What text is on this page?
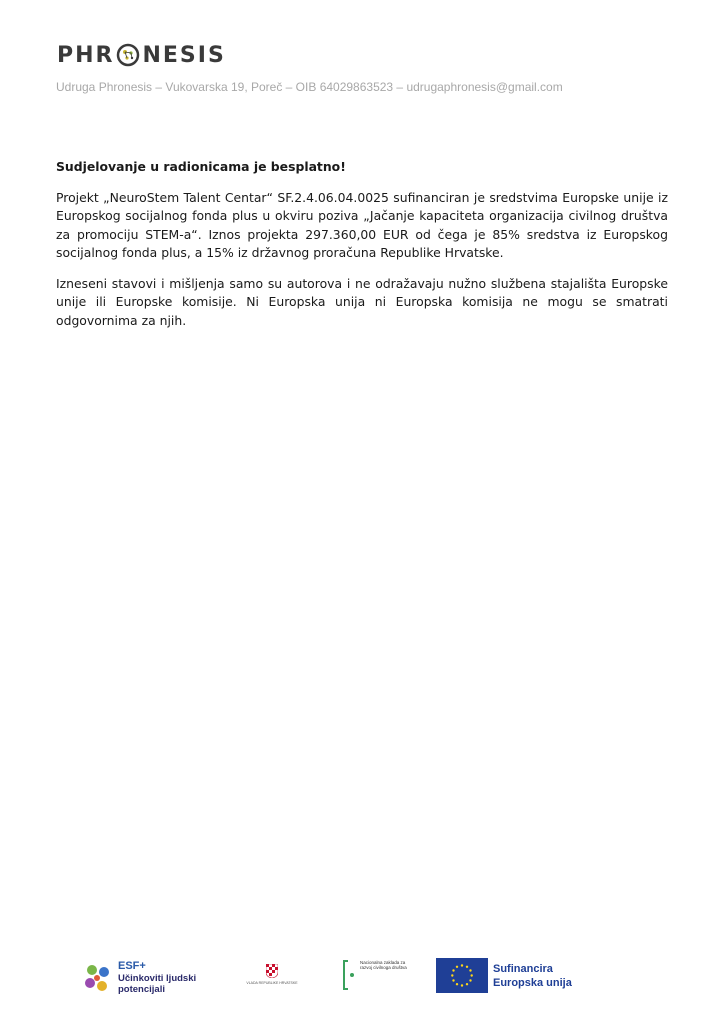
PHR NESIS
Udruga Phronesis – Vukovarska 19, Poreč – OIB 64029863523 – udrugaphronesis@gmail.com
Sudjelovanje u radionicama je besplatno!

Projekt „NeuroStem Talent Centar“ SF.2.4.06.04.0025 sufinanciran je sredstvima Europske unije iz Europskog socijalnog fonda plus u okviru poziva „Jačanje kapaciteta organizacija civilnog društva za promociju STEM-a“. Iznos projekta 297.360,00 EUR od čega je 85% sredstva iz Europskog socijalnog fonda plus, a 15% iz državnog proračuna Republike Hrvatske.

Izneseni stavovi i mišljenja samo su autorova i ne odražavaju nužno službena stajališta Europske unije ili Europske komisije. Ni Europska unija ni Europska komisija ne mogu se smatrati odgovornima za njih.

ESF+
Učinkoviti ljudski potencijali
VLADA REPUBLIKE HRVATSKE
Nacionalna zaklada za razvoj civilnoga društva	Sufinancira
Europska unija
